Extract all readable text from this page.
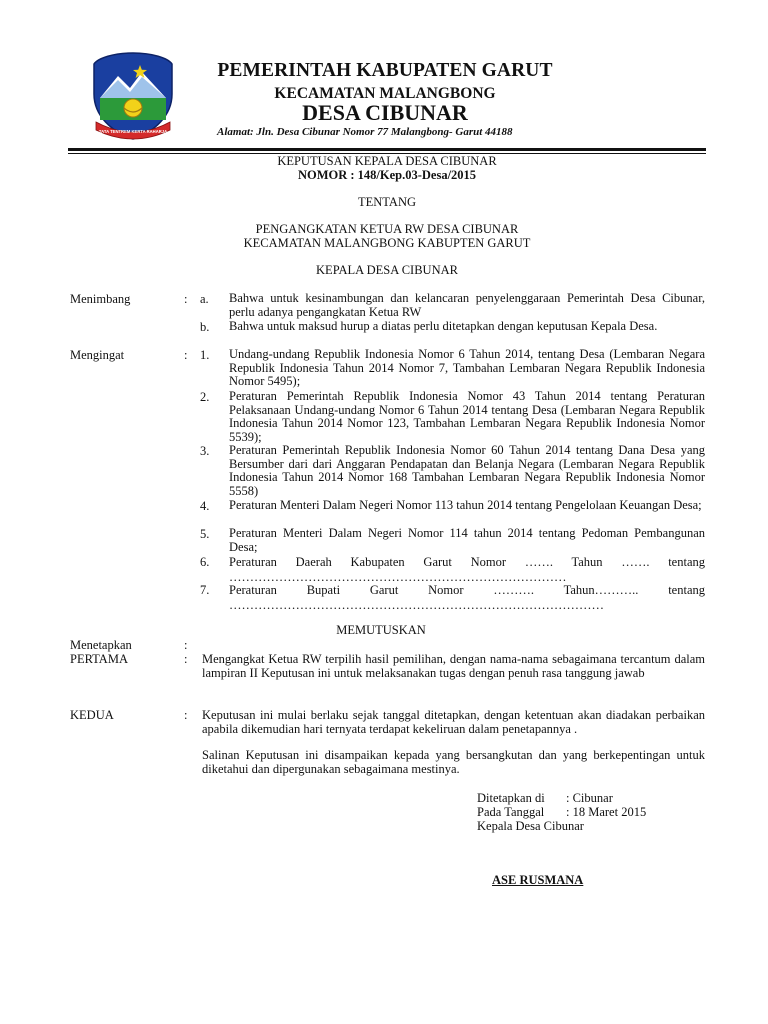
TATA TENTREM KERTA RAHARJA
PEMERINTAH KABUPATEN GARUT
KECAMATAN MALANGBONG
DESA CIBUNAR
Alamat: Jln. Desa Cibunar Nomor 77 Malangbong- Garut 44188
KEPUTUSAN KEPALA DESA CIBUNAR
NOMOR : 148/Kep.03-Desa/2015
TENTANG
PENGANGKATAN KETUA RW DESA CIBUNAR
KECAMATAN MALANGBONG KABUPTEN GARUT
KEPALA DESA CIBUNAR
Menimbang	: a. Bahwa untuk kesinambungan dan kelancaran penyelenggaraan Pemerintah Desa Cibunar, perlu adanya pengangkatan Ketua RW
b. Bahwa untuk maksud hurup a diatas perlu ditetapkan dengan keputusan Kepala Desa.
Mengingat	: 1. Undang-undang Republik Indonesia Nomor 6 Tahun 2014, tentang Desa (Lembaran Negara Republik Indonesia Tahun 2014 Nomor 7, Tambahan Lembaran Negara Republik Indonesia Nomor 5495);
2. Peraturan Pemerintah Republik Indonesia Nomor 43 Tahun 2014 tentang Peraturan Pelaksanaan Undang-undang Nomor 6 Tahun 2014 tentang Desa (Lembaran Negara Republik Indonesia Tahun 2014 Nomor 123, Tambahan Lembaran Negara Republik Indonesia Nomor 5539);
3. Peraturan Pemerintah Republik Indonesia Nomor 60 Tahun 2014 tentang Dana Desa yang Bersumber dari dari Anggaran Pendapatan dan Belanja Negara (Lembaran Negara Republik Indonesia Tahun 2014 Nomor 168 Tambahan Lembaran Negara Republik Indonesia Nomor 5558)
4. Peraturan Menteri Dalam Negeri Nomor 113 tahun 2014 tentang Pengelolaan Keuangan Desa;
5. Peraturan Menteri Dalam Negeri Nomor 114 tahun 2014 tentang Pedoman Pembangunan Desa;
6. Peraturan Daerah Kabupaten Garut Nomor ……. Tahun ……. tentang ………………………………………………………………………
7. Peraturan Bupati Garut Nomor ………. Tahun……….. tentang ………………………………………………………………………………
MEMUTUSKAN
Menetapkan	:
PERTAMA	: Mengangkat Ketua RW terpilih hasil pemilihan, dengan nama-nama sebagaimana tercantum dalam lampiran II Keputusan ini untuk melaksanakan tugas dengan penuh rasa tanggung jawab
KEDUA	: Keputusan ini mulai berlaku sejak tanggal ditetapkan, dengan ketentuan akan diadakan perbaikan apabila dikemudian hari ternyata terdapat kekeliruan dalam penetapannya .
Salinan Keputusan ini disampaikan kepada yang bersangkutan dan yang berkepentingan untuk diketahui dan dipergunakan sebagaimana mestinya.
Ditetapkan di : Cibunar
Pada Tanggal : 18 Maret 2015
Kepala Desa Cibunar
ASE RUSMANA
